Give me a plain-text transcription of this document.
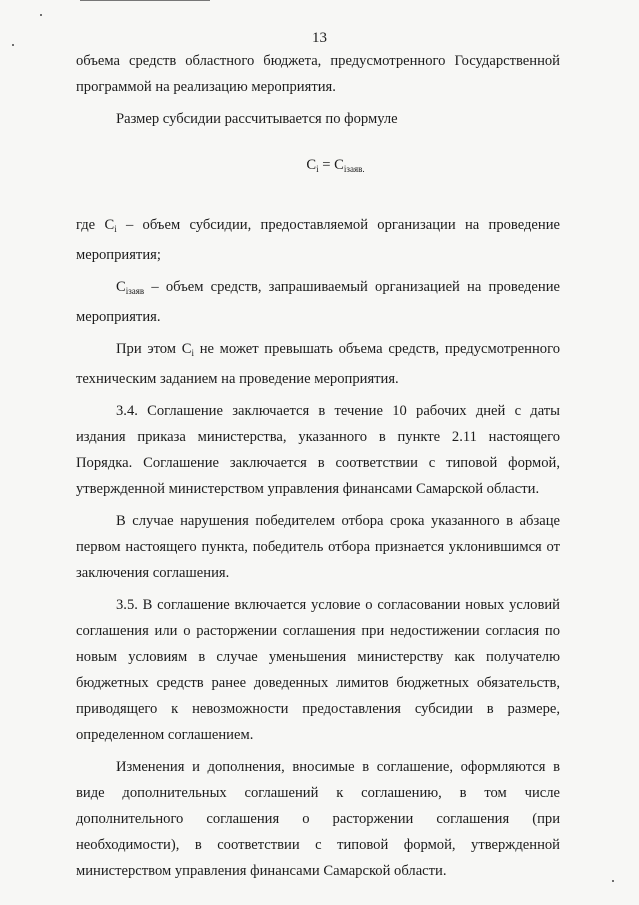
13

объема средств областного бюджета, предусмотренного Государственной программой на реализацию мероприятия.

Размер субсидии рассчитывается по формуле

$C_i = C_{iзаяв.}$

где $C_i$ – объем субсидии, предоставляемой организации на проведение мероприятия;

$C_{iзаяв}$ – объем средств, запрашиваемый организацией на проведение мероприятия.

При этом $C_i$ не может превышать объема средств, предусмотренного техническим заданием на проведение мероприятия.

3.4. Соглашение заключается в течение 10 рабочих дней с даты издания приказа министерства, указанного в пункте 2.11 настоящего Порядка. Соглашение заключается в соответствии с типовой формой, утвержденной министерством управления финансами Самарской области.

В случае нарушения победителем отбора срока указанного в абзаце первом настоящего пункта, победитель отбора признается уклонившимся от заключения соглашения.

3.5. В соглашение включается условие о согласовании новых условий соглашения или о расторжении соглашения при недостижении согласия по новым условиям в случае уменьшения министерству как получателю бюджетных средств ранее доведенных лимитов бюджетных обязательств, приводящего к невозможности предоставления субсидии в размере, определенном соглашением.

Изменения и дополнения, вносимые в соглашение, оформляются в виде дополнительных соглашений к соглашению, в том числе дополнительного соглашения о расторжении соглашения (при необходимости), в соответствии с типовой формой, утвержденной министерством управления финансами Самарской области.
